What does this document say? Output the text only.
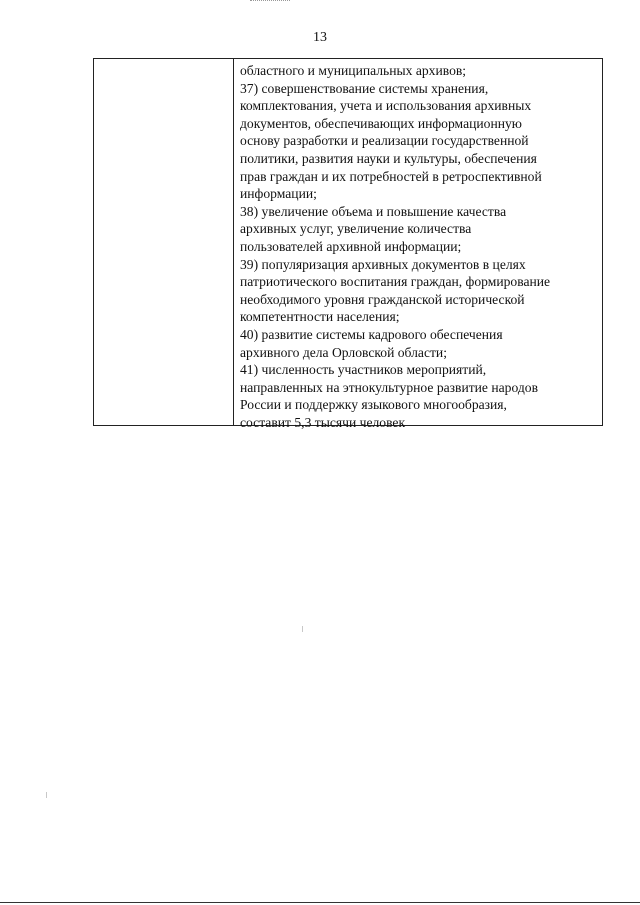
13
областного и муниципальных архивов;
37) совершенствование системы хранения,
комплектования, учета и использования архивных
документов, обеспечивающих информационную
основу разработки и реализации государственной
политики, развития науки и культуры, обеспечения
прав граждан и их потребностей в ретроспективной
информации;
38) увеличение объема и повышение качества
архивных услуг, увеличение количества
пользователей архивной информации;
39) популяризация архивных документов в целях
патриотического воспитания граждан, формирование
необходимого уровня гражданской исторической
компетентности населения;
40) развитие системы кадрового обеспечения
архивного дела Орловской области;
41) численность участников мероприятий,
направленных на этнокультурное развитие народов
России и поддержку языкового многообразия,
составит 5,3 тысячи человек
